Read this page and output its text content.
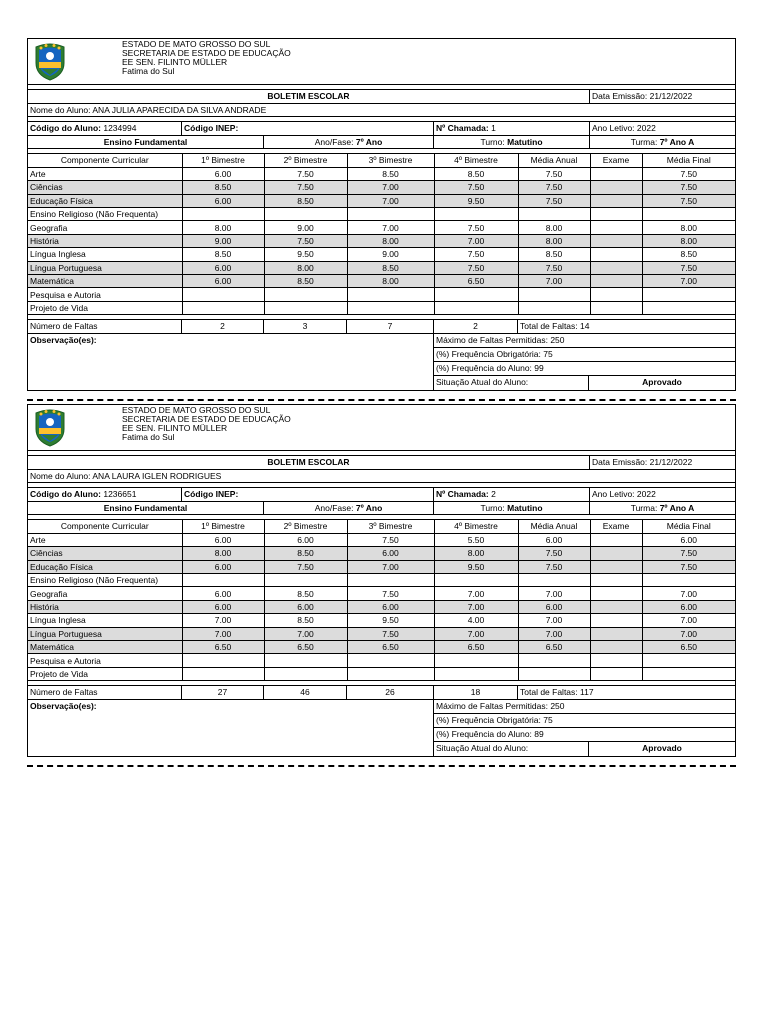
ESTADO DE MATO GROSSO DO SUL
SECRETARIA DE ESTADO DE EDUCAÇÃO
EE SEN. FILINTO MÜLLER
Fatima do Sul
BOLETIM ESCOLAR	Data Emissão: 21/12/2022
Nome do Aluno: ANA JULIA APARECIDA DA SILVA ANDRADE
Código do Aluno: 1234994	Código INEP:	Nº Chamada: 1	Ano Letivo: 2022
Ensino Fundamental	Ano/Fase: 7º Ano	Turno: Matutino	Turma: 7º Ano A
Componente Curricular	1º Bimestre	2º Bimestre	3º Bimestre	4º Bimestre	Média Anual	Exame	Média Final
Arte	6.00	7.50	8.50	8.50	7.50		7.50
Ciências	8.50	7.50	7.00	7.50	7.50		7.50
Educação Física	6.00	8.50	7.00	9.50	7.50		7.50
Ensino Religioso (Não Frequenta)							
Geografia	8.00	9.00	7.00	7.50	8.00		8.00
História	9.00	7.50	8.00	7.00	8.00		8.00
Língua Inglesa	8.50	9.50	9.00	7.50	8.50		8.50
Língua Portuguesa	6.00	8.00	8.50	7.50	7.50		7.50
Matemática	6.00	8.50	8.00	6.50	7.00		7.00
Pesquisa e Autoria							
Projeto de Vida							
Número de Faltas	2	3	7	2	Total de Faltas: 14
Observação(es):	Máximo de Faltas Permitidas:
250
(%) Frequência Obrigatória:
75
(%) Frequência do Aluno:
99
Situação Atual do Aluno:	Aprovado
ESTADO DE MATO GROSSO DO SUL
SECRETARIA DE ESTADO DE EDUCAÇÃO
EE SEN. FILINTO MÜLLER
Fatima do Sul
BOLETIM ESCOLAR	Data Emissão: 21/12/2022
Nome do Aluno: ANA LAURA IGLEN RODRIGUES
Código do Aluno: 1236651	Código INEP:	Nº Chamada: 2	Ano Letivo: 2022
Ensino Fundamental	Ano/Fase: 7º Ano	Turno: Matutino	Turma: 7º Ano A
Componente Curricular	1º Bimestre	2º Bimestre	3º Bimestre	4º Bimestre	Média Anual	Exame	Média Final
Arte	6.00	6.00	7.50	5.50	6.00		6.00
Ciências	8.00	8.50	6.00	8.00	7.50		7.50
Educação Física	6.00	7.50	7.00	9.50	7.50		7.50
Ensino Religioso (Não Frequenta)							
Geografia	6.00	8.50	7.50	7.00	7.00		7.00
História	6.00	6.00	6.00	7.00	6.00		6.00
Língua Inglesa	7.00	8.50	9.50	4.00	7.00		7.00
Língua Portuguesa	7.00	7.00	7.50	7.00	7.00		7.00
Matemática	6.50	6.50	6.50	6.50	6.50		6.50
Pesquisa e Autoria							
Projeto de Vida							
Número de Faltas	27	46	26	18	Total de Faltas: 117
Observação(es):	Máximo de Faltas Permitidas:
250
(%) Frequência Obrigatória:
75
(%) Frequência do Aluno:
89
Situação Atual do Aluno:	Aprovado
